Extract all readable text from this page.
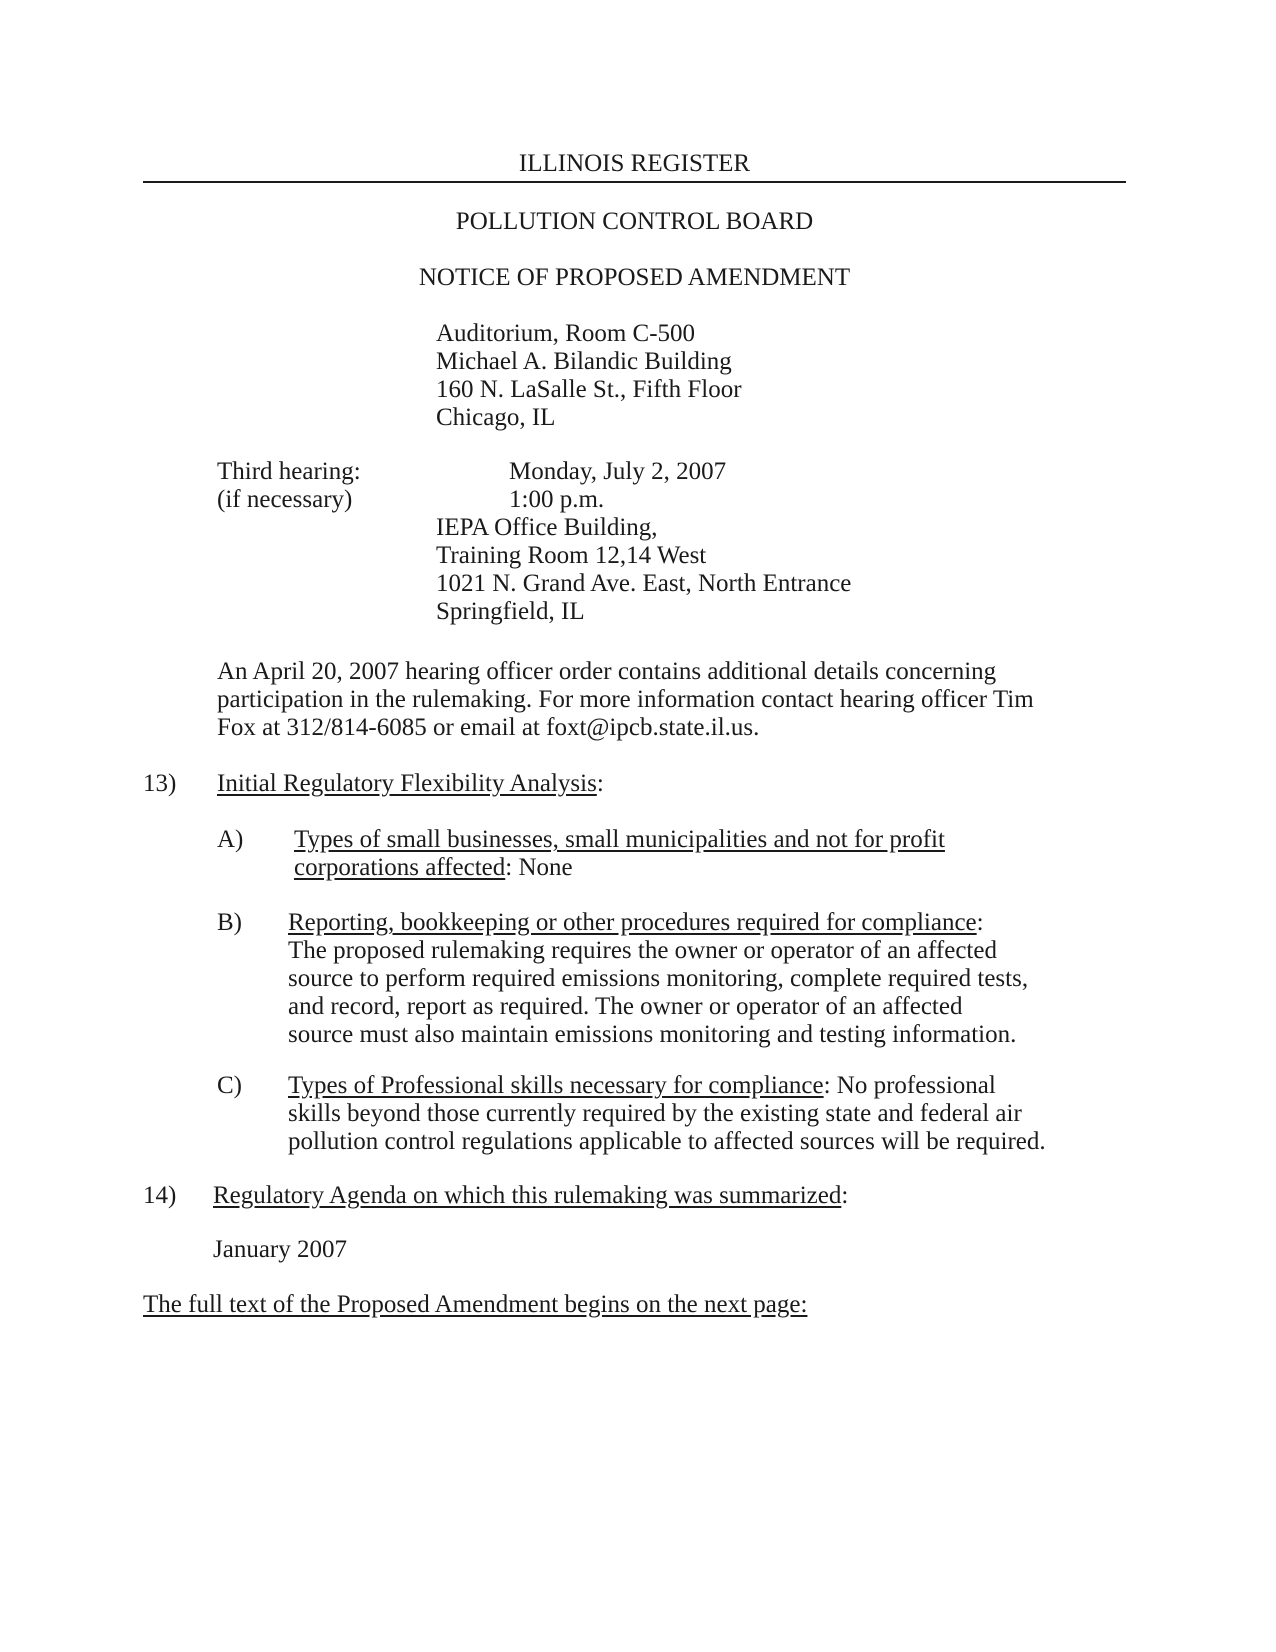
ILLINOIS REGISTER
POLLUTION CONTROL BOARD
NOTICE OF PROPOSED AMENDMENT
Auditorium, Room C-500
Michael A. Bilandic Building
160 N. LaSalle St., Fifth Floor
Chicago, IL
Third hearing:
(if necessary)
Monday, July 2, 2007
1:00 p.m.
IEPA Office Building,
Training Room 12,14 West
1021 N. Grand Ave. East, North Entrance
Springfield, IL
An April 20, 2007 hearing officer order contains additional details concerning
participation in the rulemaking. For more information contact hearing officer Tim
Fox at 312/814-6085 or email at foxt@ipcb.state.il.us.
13) Initial Regulatory Flexibility Analysis:
A) Types of small businesses, small municipalities and not for profit
corporations affected: None
B) Reporting, bookkeeping or other procedures required for compliance:
The proposed rulemaking requires the owner or operator of an affected
source to perform required emissions monitoring, complete required tests,
and record, report as required. The owner or operator of an affected
source must also maintain emissions monitoring and testing information.
C) Types of Professional skills necessary for compliance: No professional
skills beyond those currently required by the existing state and federal air
pollution control regulations applicable to affected sources will be required.
14) Regulatory Agenda on which this rulemaking was summarized:
January 2007
The full text of the Proposed Amendment begins on the next page:
